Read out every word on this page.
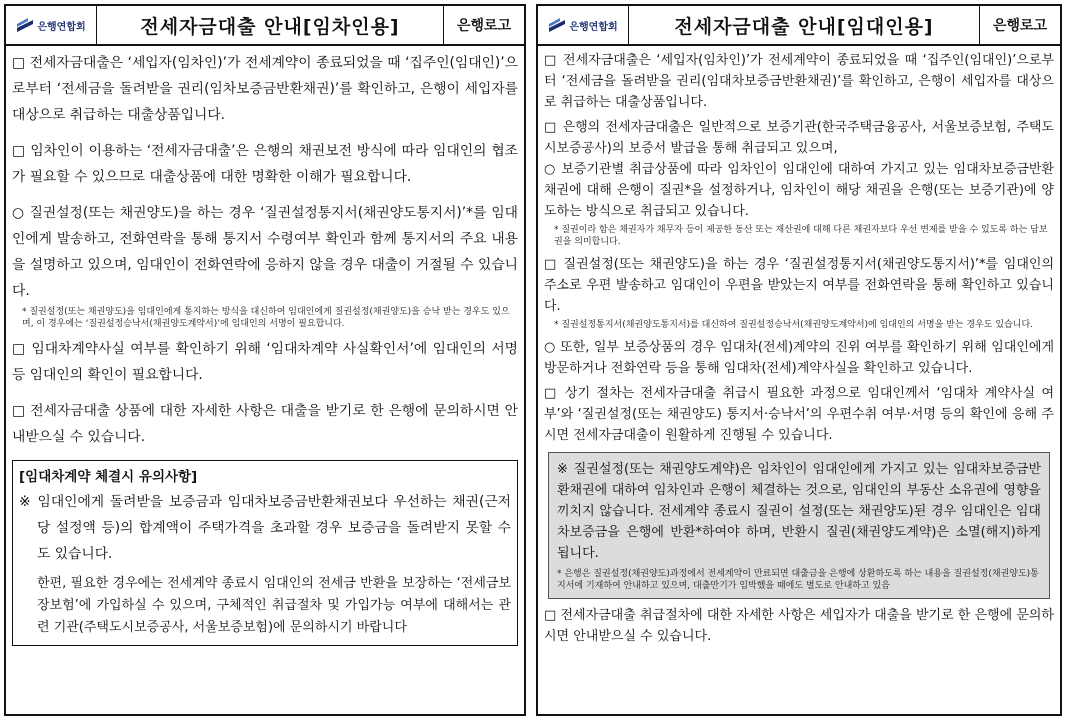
은행연합회	전세자금대출 안내[임차인용]	은행로고

□ 전세자금대출은 ‘세입자(임차인)’가 전세계약이 종료되었을 때 ‘집주인(임대인)’으로부터 ‘전세금을 돌려받을 권리(임차보증금반환채권)’를 확인하고, 은행이 세입자를 대상으로 취급하는 대출상품입니다.

□ 임차인이 이용하는 ‘전세자금대출’은 은행의 채권보전 방식에 따라 임대인의 협조가 필요할 수 있으므로 대출상품에 대한 명확한 이해가 필요합니다.

○ 질권설정(또는 채권양도)을 하는 경우 ‘질권설정통지서(채권양도통지서)’*를 임대인에게 발송하고, 전화연락을 통해 통지서 수령여부 확인과 함께 통지서의 주요 내용을 설명하고 있으며, 임대인이 전화연락에 응하지 않을 경우 대출이 거절될 수 있습니다.

* 질권설정(또는 채권양도)을 임대인에게 통지하는 방식을 대신하여 임대인에게 질권설정(채권양도)을 승낙 받는 경우도 있으며, 이 경우에는 ‘질권설정승낙서(채권양도계약서)’에 임대인의 서명이 필요합니다.

□ 임대차계약사실 여부를 확인하기 위해 ‘임대차계약 사실확인서’에 임대인의 서명 등 임대인의 확인이 필요합니다.

□ 전세자금대출 상품에 대한 자세한 사항은 대출을 받기로 한 은행에 문의하시면 안내받으실 수 있습니다.

[임대차계약 체결시 유의사항]

※ 임대인에게 돌려받을 보증금과 임대차보증금반환채권보다 우선하는 채권(근저당 설정액 등)의 합계액이 주택가격을 초과할 경우 보증금을 돌려받지 못할 수도 있습니다.

한편, 필요한 경우에는 전세계약 종료시 임대인의 전세금 반환을 보장하는 ‘전세금보장보험’에 가입하실 수 있으며, 구체적인 취급절차 및 가입가능 여부에 대해서는 관련 기관(주택도시보증공사, 서울보증보험)에 문의하시기 바랍니다

은행연합회	전세자금대출 안내[임대인용]	은행로고

□ 전세자금대출은 ‘세입자(임차인)’가 전세계약이 종료되었을 때 ‘집주인(임대인)’으로부터 ‘전세금을 돌려받을 권리(임대차보증금반환채권)’를 확인하고, 은행이 세입자를 대상으로 취급하는 대출상품입니다.

□ 은행의 전세자금대출은 일반적으로 보증기관(한국주택금융공사, 서울보증보험, 주택도시보증공사)의 보증서 발급을 통해 취급되고 있으며,

○ 보증기관별 취급상품에 따라 임차인이 임대인에 대하여 가지고 있는 임대차보증금반환채권에 대해 은행이 질권*을 설정하거나, 임차인이 해당 채권을 은행(또는 보증기관)에 양도하는 방식으로 취급되고 있습니다.

* 질권이라 함은 채권자가 채무자 등이 제공한 동산 또는 재산권에 대해 다른 채권자보다 우선 변제를 받을 수 있도록 하는 담보권을 의미합니다.

□ 질권설정(또는 채권양도)을 하는 경우 ‘질권설정통지서(채권양도통지서)’*를 임대인의 주소로 우편 발송하고 임대인이 우편을 받았는지 여부를 전화연락을 통해 확인하고 있습니다.

* 질권설정통지서(채권양도통지서)를 대신하여 질권설정승낙서(채권양도계약서)에 임대인의 서명을 받는 경우도 있습니다.

○ 또한, 일부 보증상품의 경우 임대차(전세)계약의 진위 여부를 확인하기 위해 임대인에게 방문하거나 전화연락 등을 통해 임대차(전세)계약사실을 확인하고 있습니다.

□ 상기 절차는 전세자금대출 취급시 필요한 과정으로 임대인께서 ‘임대차 계약사실 여부’와 ‘질권설정(또는 채권양도) 통지서·승낙서’의 우편수취 여부·서명 등의 확인에 응해 주시면 전세자금대출이 원활하게 진행될 수 있습니다.

※ 질권설정(또는 채권양도계약)은 임차인이 임대인에게 가지고 있는 임대차보증금반환채권에 대하여 임차인과 은행이 체결하는 것으로, 임대인의 부동산 소유권에 영향을 끼치지 않습니다. 전세계약 종료시 질권이 설정(또는 채권양도)된 경우 임대인은 임대차보증금을 은행에 반환*하여야 하며, 반환시 질권(채권양도계약)은 소멸(해지)하게 됩니다.

* 은행은 질권설정(채권양도)과정에서 전세계약이 만료되면 대출금을 은행에 상환하도록 하는 내용을 질권설정(채권양도)통지서에 기재하여 안내하고 있으며, 대출만기가 임박했을 때에도 별도로 안내하고 있음

□ 전세자금대출 취급절차에 대한 자세한 사항은 세입자가 대출을 받기로 한 은행에 문의하시면 안내받으실 수 있습니다.
